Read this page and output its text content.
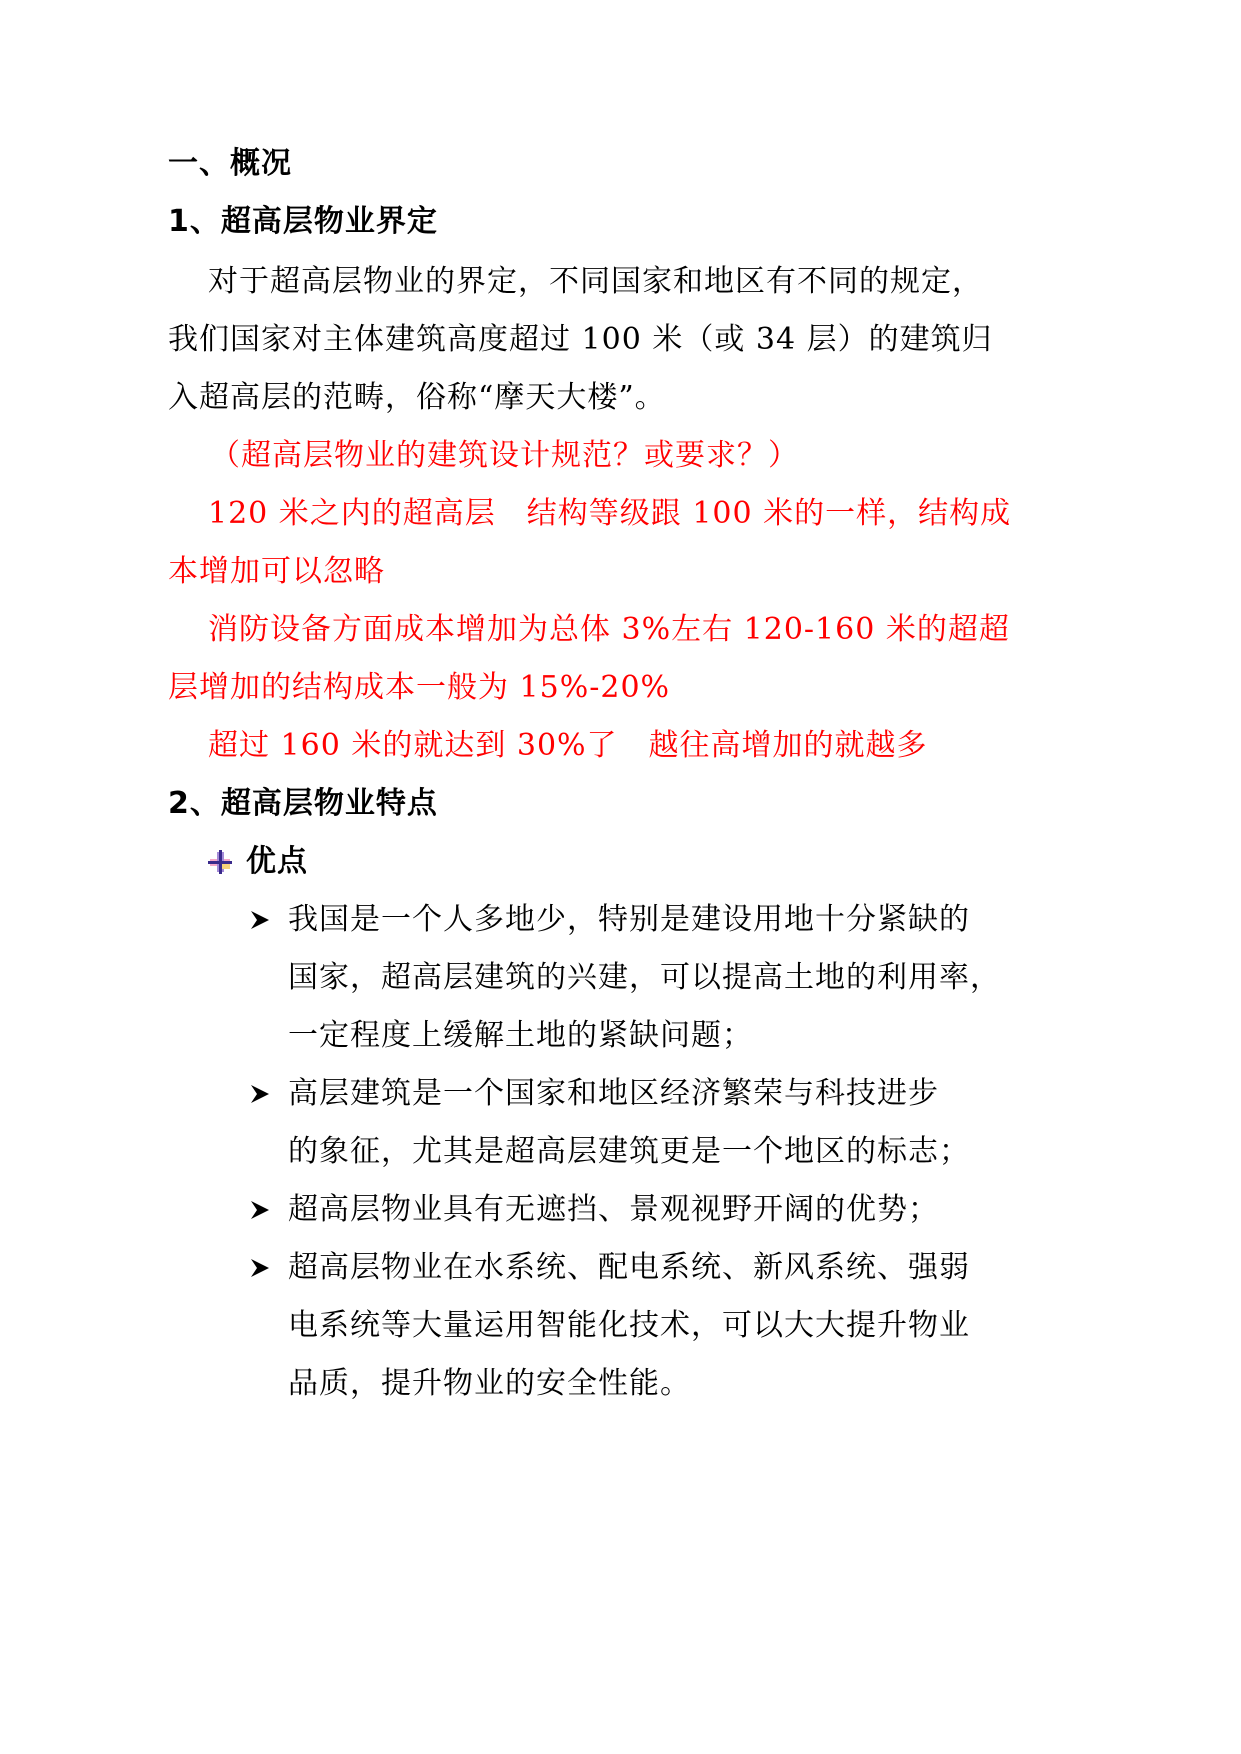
一、概况
1、超高层物业界定
对于超高层物业的界定，不同国家和地区有不同的规定，
我们国家对主体建筑高度超过 100 米（或 34 层）的建筑归
入超高层的范畴，俗称“摩天大楼”。
（超高层物业的建筑设计规范？或要求？）
120 米之内的超高层　结构等级跟 100 米的一样，结构成
本增加可以忽略
消防设备方面成本增加为总体 3%左右 120-160 米的超超
层增加的结构成本一般为 15%-20%
超过 160 米的就达到 30%了　越往高增加的就越多
2、超高层物业特点
优点
我国是一个人多地少，特别是建设用地十分紧缺的
国家，超高层建筑的兴建，可以提高土地的利用率，
一定程度上缓解土地的紧缺问题；
高层建筑是一个国家和地区经济繁荣与科技进步
的象征，尤其是超高层建筑更是一个地区的标志；
超高层物业具有无遮挡、景观视野开阔的优势；
超高层物业在水系统、配电系统、新风系统、强弱
电系统等大量运用智能化技术，可以大大提升物业
品质，提升物业的安全性能。
